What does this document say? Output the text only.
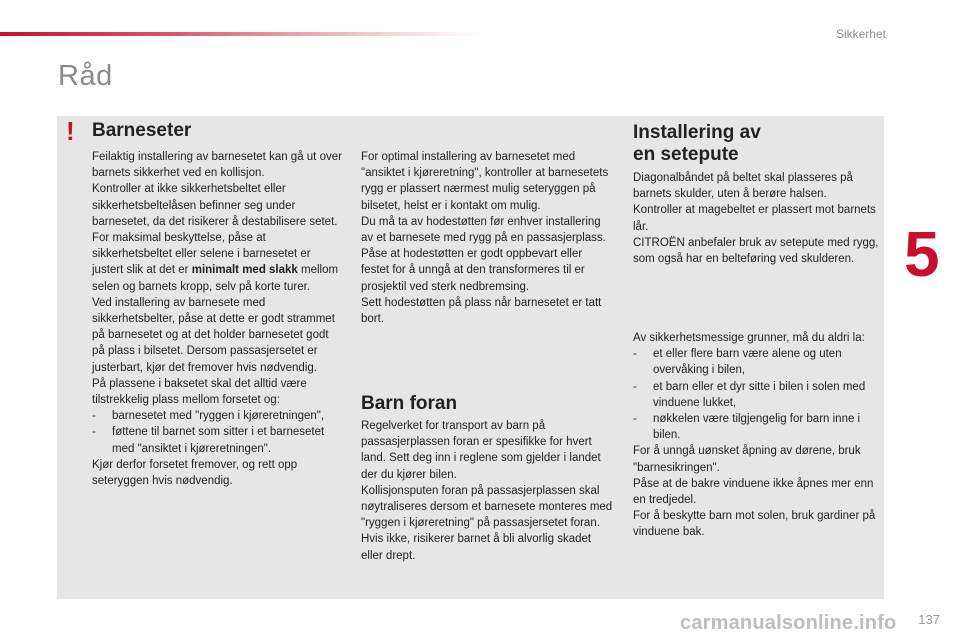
Sikkerhet
Råd
5
! Barneseter

Feilaktig installering av barnesetet kan gå ut over barnets sikkerhet ved en kollisjon.

Kontroller at ikke sikkerhetsbeltet eller sikkerhetsbeltelåsen befinner seg under barnesetet, da det risikerer å destabilisere setet.

For maksimal beskyttelse, påse at sikkerhetsbeltet eller selene i barnesetet er justert slik at det er minimalt med slakk mellom selen og barnets kropp, selv på korte turer.

Ved installering av barnesete med sikkerhetsbelter, påse at dette er godt strammet på barnesetet og at det holder barnesetet godt på plass i bilsetet. Dersom passasjersetet er justerbart, kjør det fremover hvis nødvendig.

På plassene i baksetet skal det alltid være tilstrekkelig plass mellom forsetet og:

-	barnesetet med "ryggen i kjøreretningen",
-	føttene til barnet som sitter i et barnesetet med "ansiktet i kjøreretningen".

Kjør derfor forsetet fremover, og rett opp seteryggen hvis nødvendig.

For optimal installering av barnesetet med "ansiktet i kjøreretning", kontroller at barnesetets rygg er plassert nærmest mulig seteryggen på bilsetet, helst er i kontakt om mulig.

Du må ta av hodestøtten før enhver installering av et barnesete med rygg på en passasjerplass.

Påse at hodestøtten er godt oppbevart eller festet for å unngå at den transformeres til er prosjektil ved sterk nedbremsing.

Sett hodestøtten på plass når barnesetet er tatt bort.

Barn foran

Regelverket for transport av barn på passasjerplassen foran er spesifikke for hvert land. Sett deg inn i reglene som gjelder i landet der du kjører bilen.

Kollisjonsputen foran på passasjerplassen skal nøytraliseres dersom et barnesete monteres med "ryggen i kjøreretning" på passasjersetet foran. Hvis ikke, risikerer barnet å bli alvorlig skadet eller drept.

Installering av
en setepute

Diagonalbåndet på beltet skal plasseres på barnets skulder, uten å berøre halsen.

Kontroller at magebeltet er plassert mot barnets lår.

CITROËN anbefaler bruk av setepute med rygg, som også har en belteføring ved skulderen.

Av sikkerhetsmessige grunner, må du aldri la:

-	et eller flere barn være alene og uten overvåking i bilen,
-	et barn eller et dyr sitte i bilen i solen med vinduene lukket,
-	nøkkelen være tilgjengelig for barn inne i bilen.

For å unngå uønsket åpning av dørene, bruk "barnesikringen".

Påse at de bakre vinduene ikke åpnes mer enn en tredjedel.

For å beskytte barn mot solen, bruk gardiner på vinduene bak.

carmanualsonline.info 137
